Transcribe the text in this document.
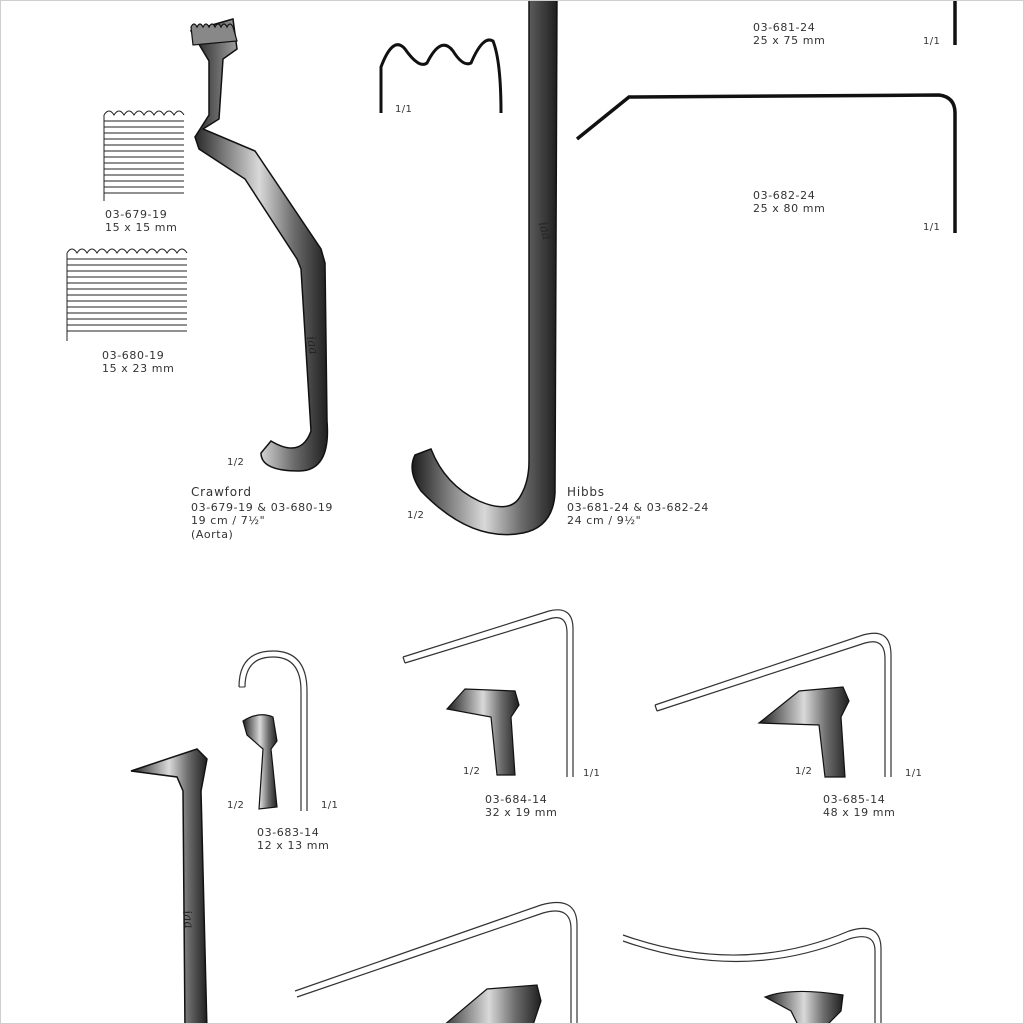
iaa
iaa
iaa
03-679-19
15 x 15 mm
03-680-19
15 x 23 mm
1/2
Crawford
03-679-19 & 03-680-19
19 cm / 7½"
(Aorta)
1/1
1/2
Hibbs
03-681-24 & 03-682-24
24 cm / 9½"
03-681-24
25 x 75 mm	1/1
03-682-24
25 x 80 mm
1/1
1/2	1/1
03-683-14
12 x 13 mm
1/2	1/1
03-684-14
32 x 19 mm
1/2	1/1
03-685-14
48 x 19 mm
